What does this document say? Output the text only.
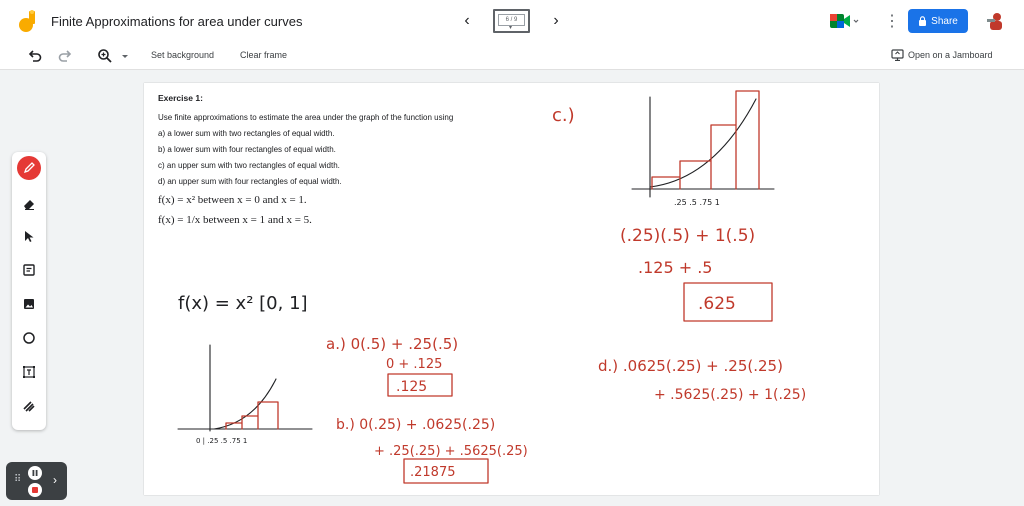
Finite Approximations for area under curves	‹	6 / 9
▾	›	⋮	Share
Set background	Clear frame	Open on a Jamboard
Exercise 1:
Use finite approximations to estimate the area under the graph of the function using
a) a lower sum with two rectangles of equal width.
b) a lower sum with four rectangles of equal width.
c) an upper sum with two rectangles of equal width.
d) an upper sum with four rectangles of equal width.
f(x) = x² between x = 0 and x = 1.
f(x) = 1/x between x = 1 and x = 5.
f(x) = x² [0, 1]
0 | .25 .5 .75 1
a.) 0(.5) + .25(.5)
0 + .125
.125
b.) 0(.25) + .0625(.25)
+ .25(.25) + .5625(.25)
.21875
c.)
.25 .5 .75 1
(.25)(.5) + 1(.5)
.125 + .5
.625
d.) .0625(.25) + .25(.25)
+ .5625(.25) + 1(.25)
⠿	›
